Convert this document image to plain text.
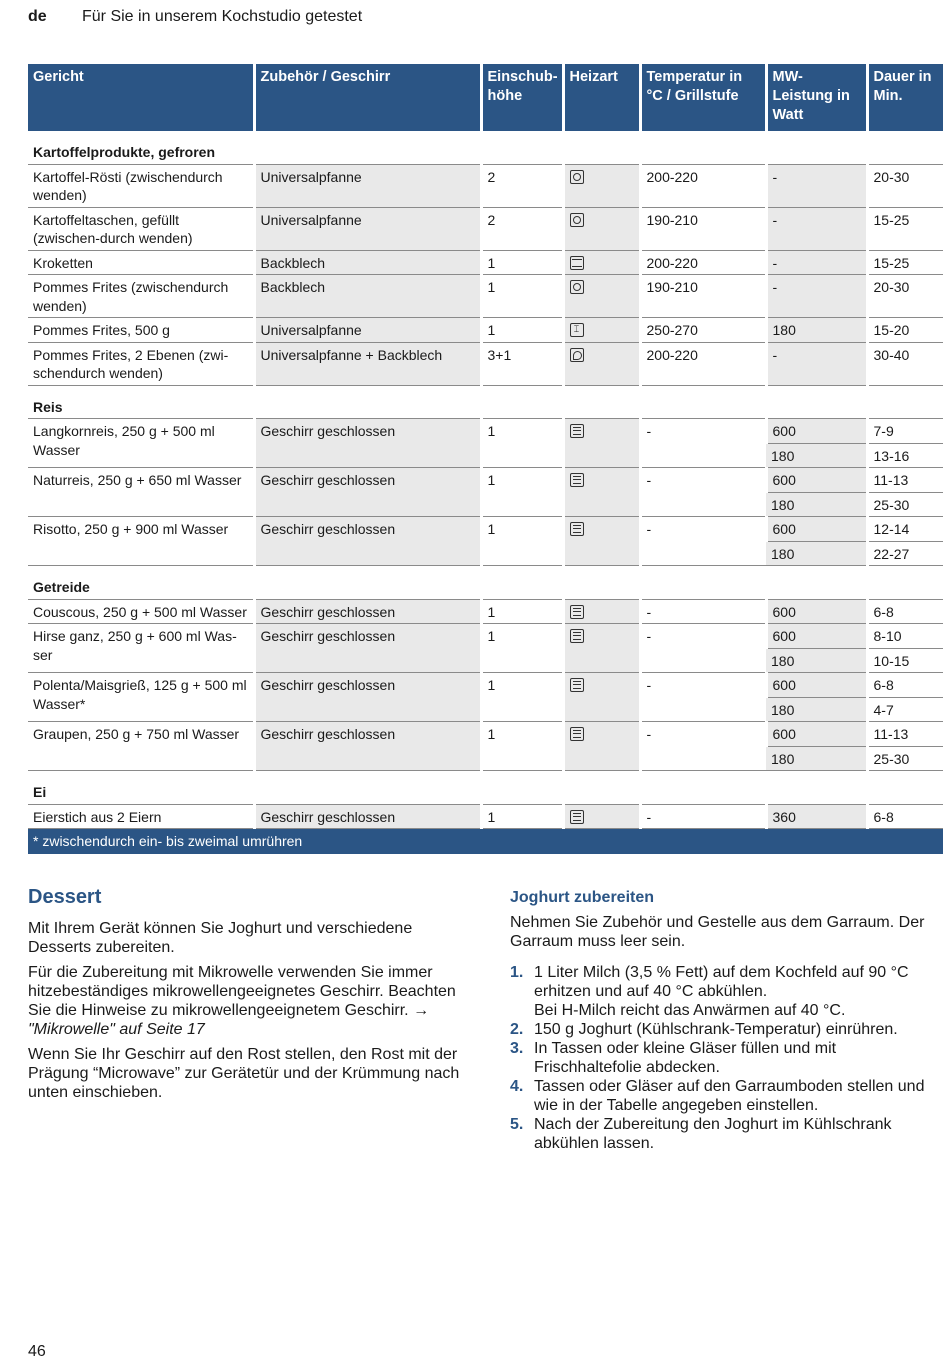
de Für Sie in unserem Kochstudio getestet
Gericht	Zubehör / Geschirr	Einschub-höhe	Heizart	Temperatur in °C / Grillstufe	MW-Leistung in Watt	Dauer in Min.
Kartoffelprodukte, gefroren						
Kartoffel-Rösti (zwischendurch wenden)	Universalpfanne	2		200-220	-	20-30
Kartoffeltaschen, gefüllt (zwischen-durch wenden)	Universalpfanne	2		190-210	-	15-25
Kroketten	Backblech	1		200-220	-	15-25
Pommes Frites (zwischendurch wenden)	Backblech	1		190-210	-	20-30
Pommes Frites, 500 g	Universalpfanne	1	⌶	250-270	180	15-20
Pommes Frites, 2 Ebenen (zwi-schendurch wenden)	Universalpfanne + Backblech	3+1		200-220	-	30-40
Reis						
Langkornreis, 250 g + 500 ml Wasser	Geschirr geschlossen	1		-	600	7-9
					180	13-16
Naturreis, 250 g + 650 ml Wasser	Geschirr geschlossen	1		-	600	11-13
					180	25-30
Risotto, 250 g + 900 ml Wasser	Geschirr geschlossen	1		-	600	12-14
					180	22-27
Getreide						
Couscous, 250 g + 500 ml Wasser	Geschirr geschlossen	1		-	600	6-8
Hirse ganz, 250 g + 600 ml Was-ser	Geschirr geschlossen	1		-	600	8-10
					180	10-15
Polenta/Maisgrieß, 125 g + 500 ml Wasser*	Geschirr geschlossen	1		-	600	6-8
					180	4-7
Graupen, 250 g + 750 ml Wasser	Geschirr geschlossen	1		-	600	11-13
					180	25-30
Ei						
Eierstich aus 2 Eiern	Geschirr geschlossen	1		-	360	6-8
* zwischendurch ein- bis zweimal umrühren						
Dessert

Mit Ihrem Gerät können Sie Joghurt und verschiedene Desserts zubereiten.

Für die Zubereitung mit Mikrowelle verwenden Sie immer hitzebeständiges mikrowellengeeignetes Geschirr. Beachten Sie die Hinweise zu mikrowellengeeignetem Geschirr. → "Mikrowelle" auf Seite 17

Wenn Sie Ihr Geschirr auf den Rost stellen, den Rost mit der Prägung “Microwave” zur Gerätetür und der Krümmung nach unten einschieben.

Joghurt zubereiten

Nehmen Sie Zubehör und Gestelle aus dem Garraum. Der Garraum muss leer sein.

1. 1 Liter Milch (3,5 % Fett) auf dem Kochfeld auf 90 °C erhitzen und auf 40 °C abkühlen.
Bei H-Milch reicht das Anwärmen auf 40 °C.
2. 150 g Joghurt (Kühlschrank-Temperatur) einrühren.
3. In Tassen oder kleine Gläser füllen und mit Frischhaltefolie abdecken.
4. Tassen oder Gläser auf den Garraumboden stellen und wie in der Tabelle angegeben einstellen.
5. Nach der Zubereitung den Joghurt im Kühlschrank abkühlen lassen.
46
